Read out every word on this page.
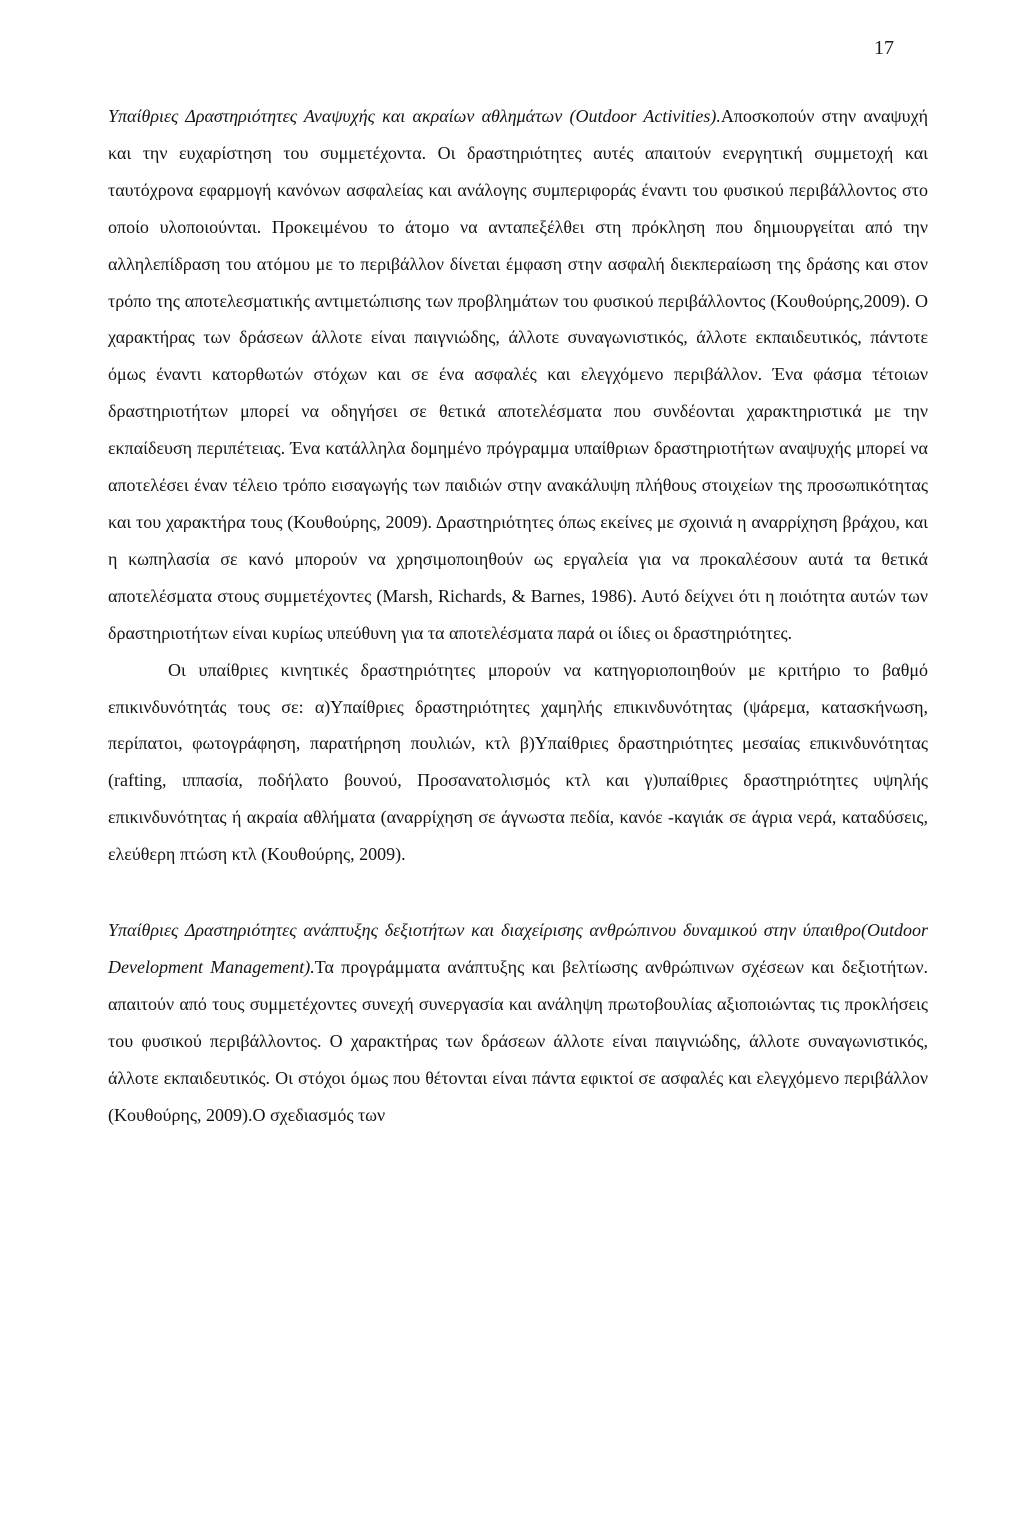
17

Υπαίθριες Δραστηριότητες Αναψυχής και ακραίων αθλημάτων (Outdoor Activities).Αποσκοπούν στην αναψυχή και την ευχαρίστηση του συμμετέχοντα. Οι δραστηριότητες αυτές απαιτούν ενεργητική συμμετοχή και ταυτόχρονα εφαρμογή κανόνων ασφαλείας και ανάλογης συμπεριφοράς έναντι του φυσικού περιβάλλοντος στο οποίο υλοποιούνται. Προκειμένου το άτομο να ανταπεξέλθει στη πρόκληση που δημιουργείται από την αλληλεπίδραση του ατόμου με το περιβάλλον δίνεται έμφαση στην ασφαλή διεκπεραίωση της δράσης και στον τρόπο της αποτελεσματικής αντιμετώπισης των προβλημάτων του φυσικού περιβάλλοντος (Κουθούρης,2009). Ο χαρακτήρας των δράσεων άλλοτε είναι παιγνιώδης, άλλοτε συναγωνιστικός, άλλοτε εκπαιδευτικός, πάντοτε όμως έναντι κατορθωτών στόχων και σε ένα ασφαλές και ελεγχόμενο περιβάλλον. Ένα φάσμα τέτοιων δραστηριοτήτων μπορεί να οδηγήσει σε θετικά αποτελέσματα που συνδέονται χαρακτηριστικά με την εκπαίδευση περιπέτειας. Ένα κατάλληλα δομημένο πρόγραμμα υπαίθριων δραστηριοτήτων αναψυχής μπορεί να αποτελέσει έναν τέλειο τρόπο εισαγωγής των παιδιών στην ανακάλυψη πλήθους στοιχείων της προσωπικότητας και του χαρακτήρα τους (Κουθούρης, 2009). Δραστηριότητες όπως εκείνες με σχοινιά η αναρρίχηση βράχου, και η κωπηλασία σε κανό μπορούν να χρησιμοποιηθούν ως εργαλεία για να προκαλέσουν αυτά τα θετικά αποτελέσματα στους συμμετέχοντες (Marsh, Richards, & Barnes, 1986). Αυτό δείχνει ότι η ποιότητα αυτών των δραστηριοτήτων είναι κυρίως υπεύθυνη για τα αποτελέσματα παρά οι ίδιες οι δραστηριότητες.

Οι υπαίθριες κινητικές δραστηριότητες μπορούν να κατηγοριοποιηθούν με κριτήριο το βαθμό επικινδυνότητάς τους σε: α)Υπαίθριες δραστηριότητες χαμηλής επικινδυνότητας (ψάρεμα, κατασκήνωση, περίπατοι, φωτογράφηση, παρατήρηση πουλιών, κτλ β)Υπαίθριες δραστηριότητες μεσαίας επικινδυνότητας (rafting, ιππασία, ποδήλατο βουνού, Προσανατολισμός κτλ και γ)υπαίθριες δραστηριότητες υψηλής επικινδυνότητας ή ακραία αθλήματα (αναρρίχηση σε άγνωστα πεδία, κανόε -καγιάκ σε άγρια νερά, καταδύσεις, ελεύθερη πτώση κτλ (Κουθούρης, 2009).

Υπαίθριες Δραστηριότητες ανάπτυξης δεξιοτήτων και διαχείρισης ανθρώπινου δυναμικού στην ύπαιθρο(Outdoor Development Management).Τα προγράμματα ανάπτυξης και βελτίωσης ανθρώπινων σχέσεων και δεξιοτήτων. απαιτούν από τους συμμετέχοντες συνεχή συνεργασία και ανάληψη πρωτοβουλίας αξιοποιώντας τις προκλήσεις του φυσικού περιβάλλοντος. Ο χαρακτήρας των δράσεων άλλοτε είναι παιγνιώδης, άλλοτε συναγωνιστικός, άλλοτε εκπαιδευτικός. Οι στόχοι όμως που θέτονται είναι πάντα εφικτοί σε ασφαλές και ελεγχόμενο περιβάλλον (Κουθούρης, 2009).Ο σχεδιασμός των
